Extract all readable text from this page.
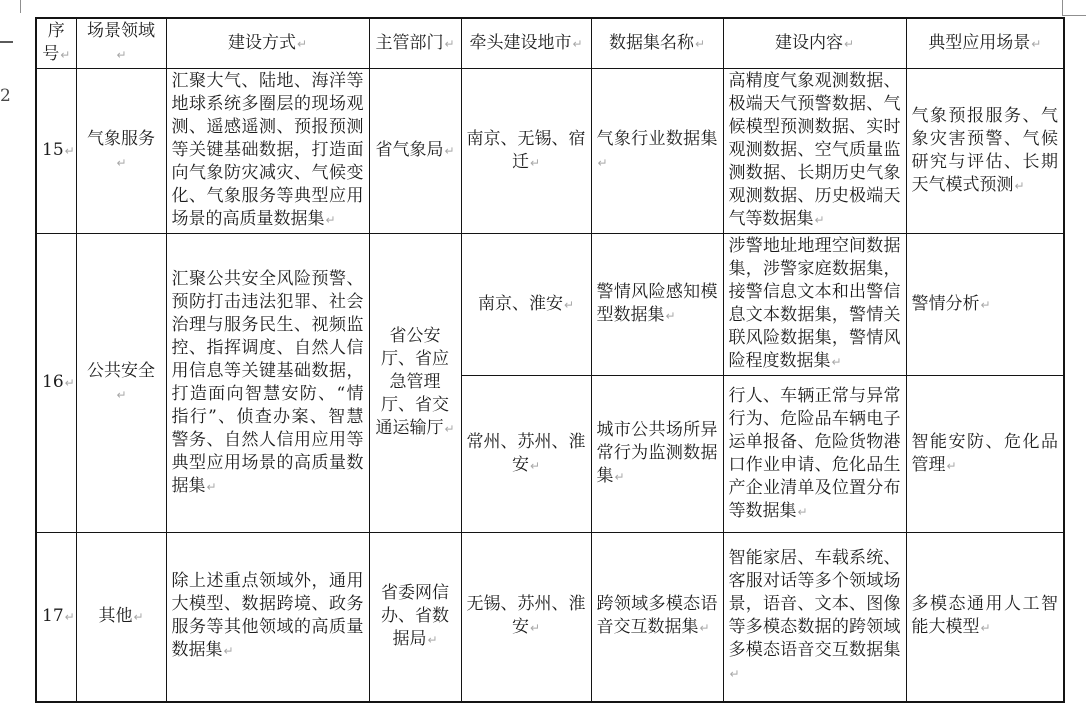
2
序号↵	场景领域↵	建设方式↵	主管部门↵	牵头建设地市↵	数据集名称↵	建设内容↵	典型应用场景↵
15↵	气象服务↵	汇聚大气、陆地、海洋等地球系统多圈层的现场观测、遥感遥测、预报预测等关键基础数据，打造面向气象防灾减灾、气候变化、气象服务等典型应用场景的高质量数据集↵	省气象局↵	南京、无锡、宿迁↵	气象行业数据集↵	高精度气象观测数据、极端天气预警数据、气候模型预测数据、实时观测数据、空气质量监测数据、长期历史气象观测数据、历史极端天气等数据集↵	气象预报服务、气象灾害预警、气候研究与评估、长期天气模式预测↵
16↵	公共安全↵	汇聚公共安全风险预警、预防打击违法犯罪、社会治理与服务民生、视频监控、指挥调度、自然人信用信息等关键基础数据，打造面向智慧安防、“情指行”、侦查办案、智慧警务、自然人信用应用等典型应用场景的高质量数据集↵	省公安厅、省应急管理厅、省交通运输厅↵	南京、淮安↵	警情风险感知模型数据集↵	涉警地址地理空间数据集，涉警家庭数据集，接警信息文本和出警信息文本数据集，警情关联风险数据集，警情风险程度数据集↵	警情分析↵
				常州、苏州、淮安↵	城市公共场所异常行为监测数据集↵	行人、车辆正常与异常行为、危险品车辆电子运单报备、危险货物港口作业申请、危化品生产企业清单及位置分布等数据集↵	智能安防、危化品管理↵
17↵	其他↵	除上述重点领域外，通用大模型、数据跨境、政务服务等其他领域的高质量数据集↵	省委网信办、省数据局↵	无锡、苏州、淮安↵	跨领域多模态语音交互数据集↵	智能家居、车载系统、客服对话等多个领域场景，语音、文本、图像等多模态数据的跨领域多模态语音交互数据集↵	多模态通用人工智能大模型↵
